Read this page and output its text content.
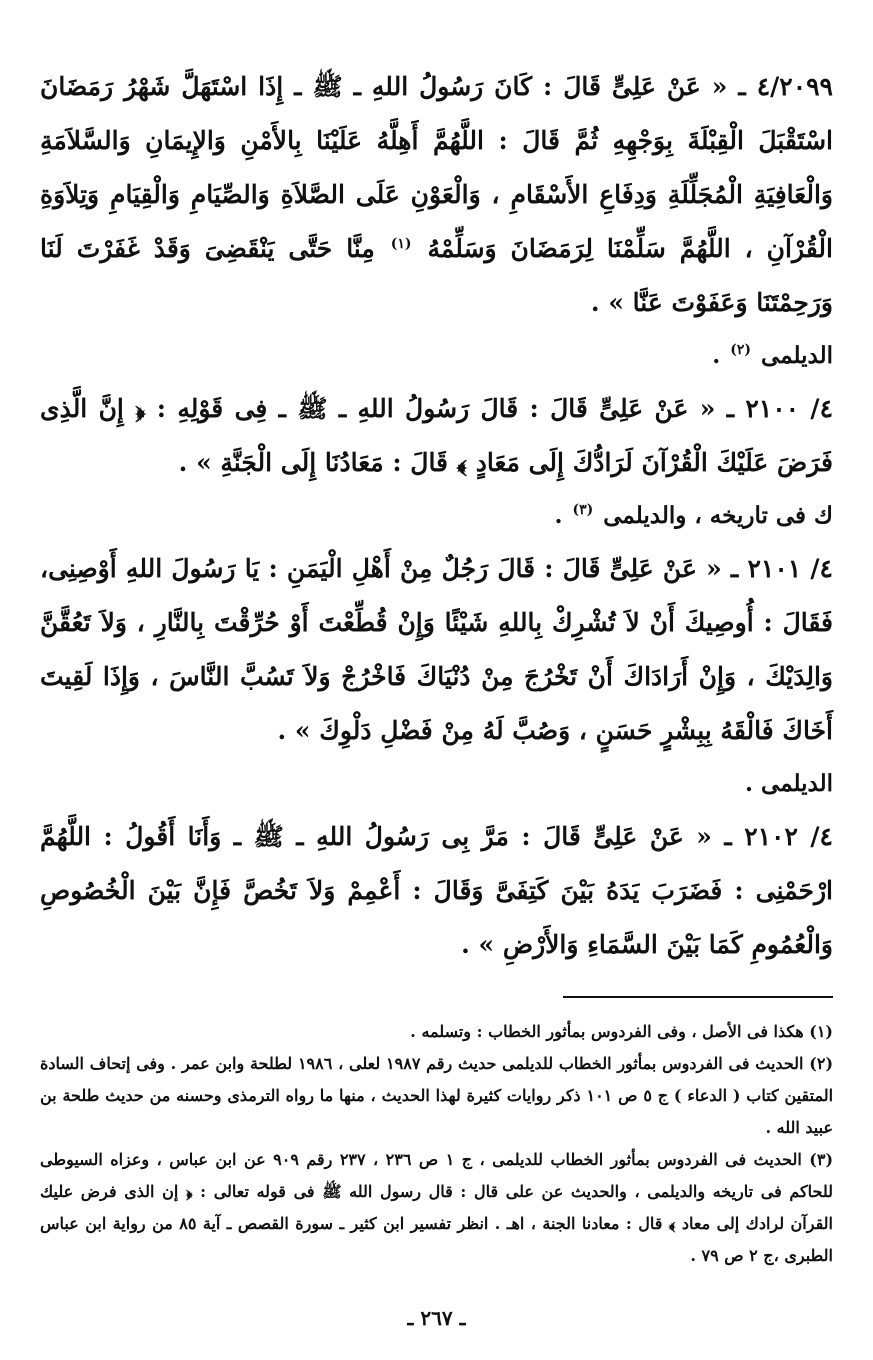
٤/٢٠٩٩ ـ « عَنْ عَلِىٍّ قَالَ : كَانَ رَسُولُ اللهِ ـ ﷺ ـ إِذَا اسْتَهَلَّ شَهْرُ رَمَضَانَ اسْتَقْبَلَ الْقِبْلَةَ بِوَجْهِهِ ثُمَّ قَالَ : اللَّهُمَّ أَهِلَّهُ عَلَيْنَا بِالأَمْنِ وَالإِيمَانِ وَالسَّلاَمَةِ وَالْعَافِيَةِ الْمُجَلِّلَةِ وَدِفَاعِ الأَسْقَامِ ، وَالْعَوْنِ عَلَى الصَّلاَةِ وَالصِّيَامِ وَالْقِيَامِ وَتِلاَوَةِ الْقُرْآنِ ، اللَّهُمَّ سَلِّمْنَا لِرَمَضَانَ وَسَلِّمْهُ $^{(١)}$ مِنَّا حَتَّى يَنْقَضِىَ وَقَدْ غَفَرْتَ لَنَا وَرَحِمْتَنَا وَعَفَوْتَ عَنَّا » .

الديلمى $^{(٢)}$ .

٤/ ٢١٠٠ ـ « عَنْ عَلِىٍّ قَالَ : قَالَ رَسُولُ اللهِ ـ ﷺ ـ فِى قَوْلِهِ : ﴿ إِنَّ الَّذِى فَرَضَ عَلَيْكَ الْقُرْآنَ لَرَادُّكَ إِلَى مَعَادٍ ﴾ قَالَ : مَعَادُنَا إِلَى الْجَنَّةِ » .

ك فى تاريخه ، والديلمى $^{(٣)}$ .

٤/ ٢١٠١ ـ « عَنْ عَلِىٍّ قَالَ : قَالَ رَجُلٌ مِنْ أَهْلِ الْيَمَنِ : يَا رَسُولَ اللهِ أَوْصِنِى، فَقَالَ : أُوصِيكَ أَنْ لاَ تُشْرِكْ بِاللهِ شَيْئًا وَإِنْ قُطِّعْتَ أَوْ حُرِّقْتَ بِالنَّارِ ، وَلاَ تَعُقَّنَّ وَالِدَيْكَ ، وَإِنْ أَرَادَاكَ أَنْ تَخْرُجَ مِنْ دُنْيَاكَ فَاخْرُجْ وَلاَ تَسُبَّ النَّاسَ ، وَإِذَا لَقِيتَ أَخَاكَ فَالْقَهُ بِبِشْرٍ حَسَنٍ ، وَصُبَّ لَهُ مِنْ فَضْلِ دَلْوِكَ » .

الديلمى .

٤/ ٢١٠٢ ـ « عَنْ عَلِىٍّ قَالَ : مَرَّ بِى رَسُولُ اللهِ ـ ﷺ ـ وَأَنَا أَقُولُ : اللَّهُمَّ ارْحَمْنِى : فَضَرَبَ يَدَهُ بَيْنَ كَتِفَىَّ وَقَالَ : أَعْمِمْ وَلاَ تَخُصَّ فَإِنَّ بَيْنَ الْخُصُوصِ وَالْعُمُومِ كَمَا بَيْنَ السَّمَاءِ وَالأَرْضِ » .

(١) هكذا فى الأصل ، وفى الفردوس بمأثور الخطاب : وتسلمه .

(٢) الحديث فى الفردوس بمأثور الخطاب للديلمى حديث رقم ١٩٨٧ لعلى ، ١٩٨٦ لطلحة وابن عمر . وفى إتحاف السادة المتقين كتاب ( الدعاء ) ج ٥ ص ١٠١ ذكر روايات كثيرة لهذا الحديث ، منها ما رواه الترمذى وحسنه من حديث طلحة بن عبيد الله .

(٣) الحديث فى الفردوس بمأثور الخطاب للديلمى ، ج ١ ص ٢٣٦ ، ٢٣٧ رقم ٩٠٩ عن ابن عباس ، وعزاه السيوطى للحاكم فى تاريخه والديلمى ، والحديث عن على قال : قال رسول الله ﷺ فى قوله تعالى : ﴿ إن الذى فرض عليك القرآن لرادك إلى معاد ﴾ قال : معادنا الجنة ، اهـ . انظر تفسير ابن كثير ـ سورة القصص ـ آية ٨٥ من رواية ابن عباس الطبرى ،ج ٢ ص ٧٩ .

ـ ٢٦٧ ـ
